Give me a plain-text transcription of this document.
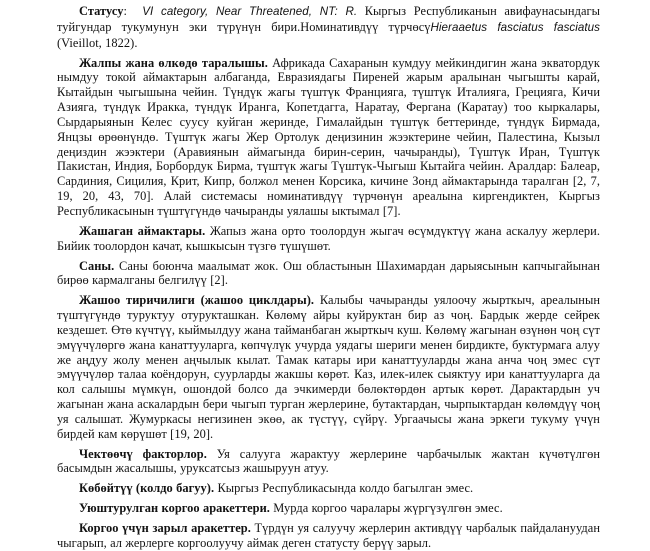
Статусу: VI category, Near Threatened, NT: R. Кыргыз Республиканын авифаунасындагы туйгундар тукумунун эки түрүнүн бири.Номинативдүү түрчөсүHieraaetus fasciatus fasciatus (Vieillot, 1822).

Жалпы жана өлкөдө таралышы. Африкада Сахаранын кумдуу мейкиндигин жана экватордук нымдуу токой аймактарын албаганда, Евразиядагы Пиреней жарым аралынан чыгышты карай, Кытайдын чыгышына чейин. Түндүк жагы түштүк Францияга, түштүк Италияга, Грецияга, Кичи Азияга, түндүк Иракка, түндүк Иранга, Копетдагга, Наратау, Фергана (Каратау) тоо кыркалары, Сырдарыянын Келес суусу куйган жеринде, Гималайдын түштүк беттеринде, түндүк Бирмада, Янцзы өрөөнүндө. Түштүк жагы Жер Ортолук деңизинин жээктерине чейин, Палестина, Кызыл деңиздин жээктери (Аравиянын аймагында бирин-серин, чачыранды), Түштүк Иран, Түштүк Пакистан, Индия, Борбордук Бирма, түштүк жагы Түштүк-Чыгыш Кытайга чейин. Аралдар: Балеар, Сардиния, Сицилия, Крит, Кипр, болжол менен Корсика, кичине Зонд аймактарында таралган [2, 7, 19, 20, 43, 70]. Алай системасы номинативдүү түрчөнүн ареалына киргендиктен, Кыргыз Республикасынын түштүгүндө чачыранды уялашы ыктымал [7].

Жашаган аймактары. Жапыз жана орто тоолордун жыгач өсүмдүктүү жана аскалуу жерлери. Бийик тоолордон качат, кышкысын түзгө түшүшөт.

Саны. Саны боюнча маалымат жок. Ош областынын Шахимардан дарыясынын капчыгайынан бирөө кармалганы белгилүү [2].

Жашоо тиричилиги (жашоо циклдары). Калыбы чачыранды уялоочу жырткыч, ареалынын түштүгүндө туруктуу отурукташкан. Көлөмү айры куйруктан бир аз чоң. Бардык жерде сейрек кездешет. Өтө күчтүү, кыймылдуу жана тайманбаган жырткыч куш. Көлөмү жагынан өзүнөн чоң сүт эмүүчүлөргө жана канаттууларга, көпчүлүк учурда уядагы шериги менен бирдикте, буктурмага алуу же аңдуу жолу менен аңчылык кылат. Тамак катары ири канаттууларды жана анча чоң эмес сүт эмүүчүлөр талаа коёндорун, сууpларды жакшы көрөт. Каз, илек-илек сыяктуу ири канаттууларга да кол салышы мүмкүн, ошондой болсо да эчкимерди бөлөктөрдөн артык көрөт. Дарактардын уч жагынан жана аскалардын бери чыгып турган жерлерине, бутактардан, чырпыктардан көлөмдүү чоң уя салышат. Жумуркасы негизинен экөө, ак түстүү, сүйрү. Ургаачысы жана эркеги тукуму үчүн бирдей кам көрүшөт [19, 20].

Чектөөчү факторлор. Уя салууга жарактуу жерлерине чарбачылык жактан күчөтүлгөн басымдын жасалышы, уруксатсыз жашыруун атуу.

Көбөйтүү (колдо багуу). Кыргыз Республикасында колдо багылган эмес.

Уюштурулган коргоо аракеттери. Мурда коргоо чаралары жүргүзүлгөн эмес.

Коргоо үчүн зарыл аракеттер. Түрдүн уя салуучу жерлерин активдүү чарбалык пайдалануудан чыгарып, ал жерлерге коргоолуучу аймак деген статусту берүү зарыл.
